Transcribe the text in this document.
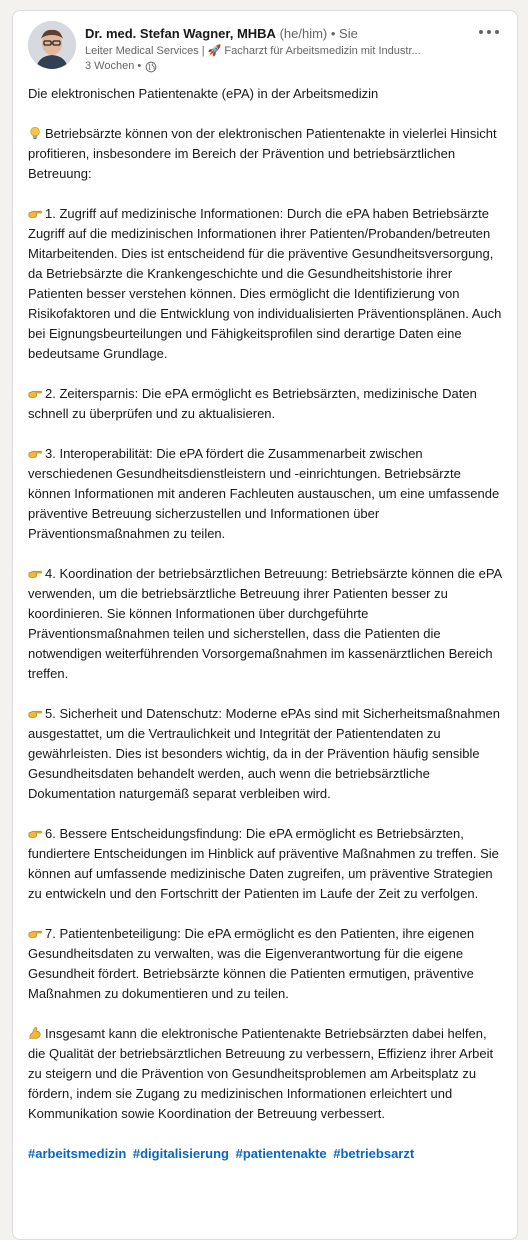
Dr. med. Stefan Wagner, MHBA (he/him) • Sie
Leiter Medical Services | 🚀 Facharzt für Arbeitsmedizin mit Industr...
3 Wochen •

Die elektronischen Patientenakte (ePA) in der Arbeitsmedizin

Betriebsärzte können von der elektronischen Patientenakte in vielerlei Hinsicht profitieren, insbesondere im Bereich der Prävention und betriebsärztlichen Betreuung:

1. Zugriff auf medizinische Informationen: Durch die ePA haben Betriebsärzte Zugriff auf die medizinischen Informationen ihrer Patienten/Probanden/betreuten Mitarbeitenden. Dies ist entscheidend für die präventive Gesundheitsversorgung, da Betriebsärzte die Krankengeschichte und die Gesundheitshistorie ihrer Patienten besser verstehen können. Dies ermöglicht die Identifizierung von Risikofaktoren und die Entwicklung von individualisierten Präventionsplänen. Auch bei Eignungsbeurteilungen und Fähigkeitsprofilen sind derartige Daten eine bedeutsame Grundlage.

2. Zeitersparnis: Die ePA ermöglicht es Betriebsärzten, medizinische Daten schnell zu überprüfen und zu aktualisieren.

3. Interoperabilität: Die ePA fördert die Zusammenarbeit zwischen verschiedenen Gesundheitsdienstleistern und -einrichtungen. Betriebsärzte können Informationen mit anderen Fachleuten austauschen, um eine umfassende präventive Betreuung sicherzustellen und Informationen über Präventionsmaßnahmen zu teilen.

4. Koordination der betriebsärztlichen Betreuung: Betriebsärzte können die ePA verwenden, um die betriebsärztliche Betreuung ihrer Patienten besser zu koordinieren. Sie können Informationen über durchgeführte Präventionsmaßnahmen teilen und sicherstellen, dass die Patienten die notwendigen weiterführenden Vorsorgemaßnahmen im kassenärztlichen Bereich treffen.

5. Sicherheit und Datenschutz: Moderne ePAs sind mit Sicherheitsmaßnahmen ausgestattet, um die Vertraulichkeit und Integrität der Patientendaten zu gewährleisten. Dies ist besonders wichtig, da in der Prävention häufig sensible Gesundheitsdaten behandelt werden, auch wenn die betriebsärztliche Dokumentation naturgemäß separat verbleiben wird.

6. Bessere Entscheidungsfindung: Die ePA ermöglicht es Betriebsärzten, fundiertere Entscheidungen im Hinblick auf präventive Maßnahmen zu treffen. Sie können auf umfassende medizinische Daten zugreifen, um präventive Strategien zu entwickeln und den Fortschritt der Patienten im Laufe der Zeit zu verfolgen.

7. Patientenbeteiligung: Die ePA ermöglicht es den Patienten, ihre eigenen Gesundheitsdaten zu verwalten, was die Eigenverantwortung für die eigene Gesundheit fördert. Betriebsärzte können die Patienten ermutigen, präventive Maßnahmen zu dokumentieren und zu teilen.

Insgesamt kann die elektronische Patientenakte Betriebsärzten dabei helfen, die Qualität der betriebsärztlichen Betreuung zu verbessern, Effizienz ihrer Arbeit zu steigern und die Prävention von Gesundheitsproblemen am Arbeitsplatz zu fördern, indem sie Zugang zu medizinischen Informationen erleichtert und Kommunikation sowie Koordination der Betreuung verbessert.

#arbeitsmedizin #digitalisierung #patientenakte #betriebsarzt
